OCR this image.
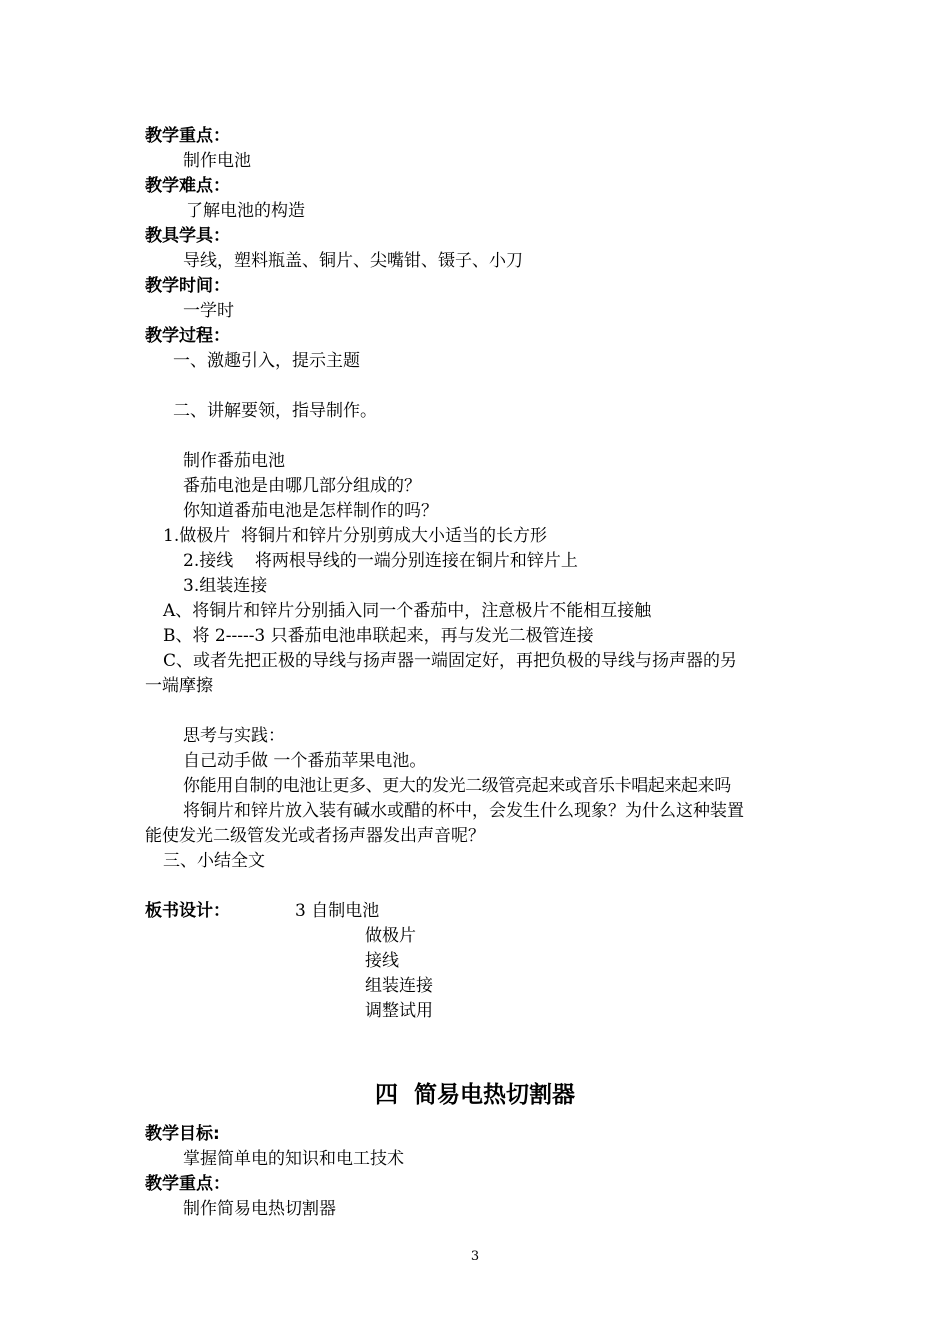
教学重点：
制作电池
教学难点：
了解电池的构造
教具学具：
导线，塑料瓶盖、铜片、尖嘴钳、镊子、小刀
教学时间：
一学时
教学过程：
一、激趣引入，提示主题
二、讲解要领，指导制作。
制作番茄电池
番茄电池是由哪几部分组成的？
你知道番茄电池是怎样制作的吗？
1.做极片  将铜片和锌片分别剪成大小适当的长方形
2.接线    将两根导线的一端分别连接在铜片和锌片上
3.组装连接
A、将铜片和锌片分别插入同一个番茄中，注意极片不能相互接触
B、将 2-----3 只番茄电池串联起来，再与发光二极管连接
C、或者先把正极的导线与扬声器一端固定好，再把负极的导线与扬声器的另
一端摩擦
思考与实践：
自己动手做 一个番茄苹果电池。
你能用自制的电池让更多、更大的发光二级管亮起来或音乐卡唱起来起来吗
将铜片和锌片放入装有碱水或醋的杯中，会发生什么现象？为什么这种装置
能使发光二级管发光或者扬声器发出声音呢？
三、小结全文
板书设计：	3 自制电池
做极片
接线
组装连接
调整试用
四  简易电热切割器
教学目标:
掌握简单电的知识和电工技术
教学重点：
制作简易电热切割器
3
